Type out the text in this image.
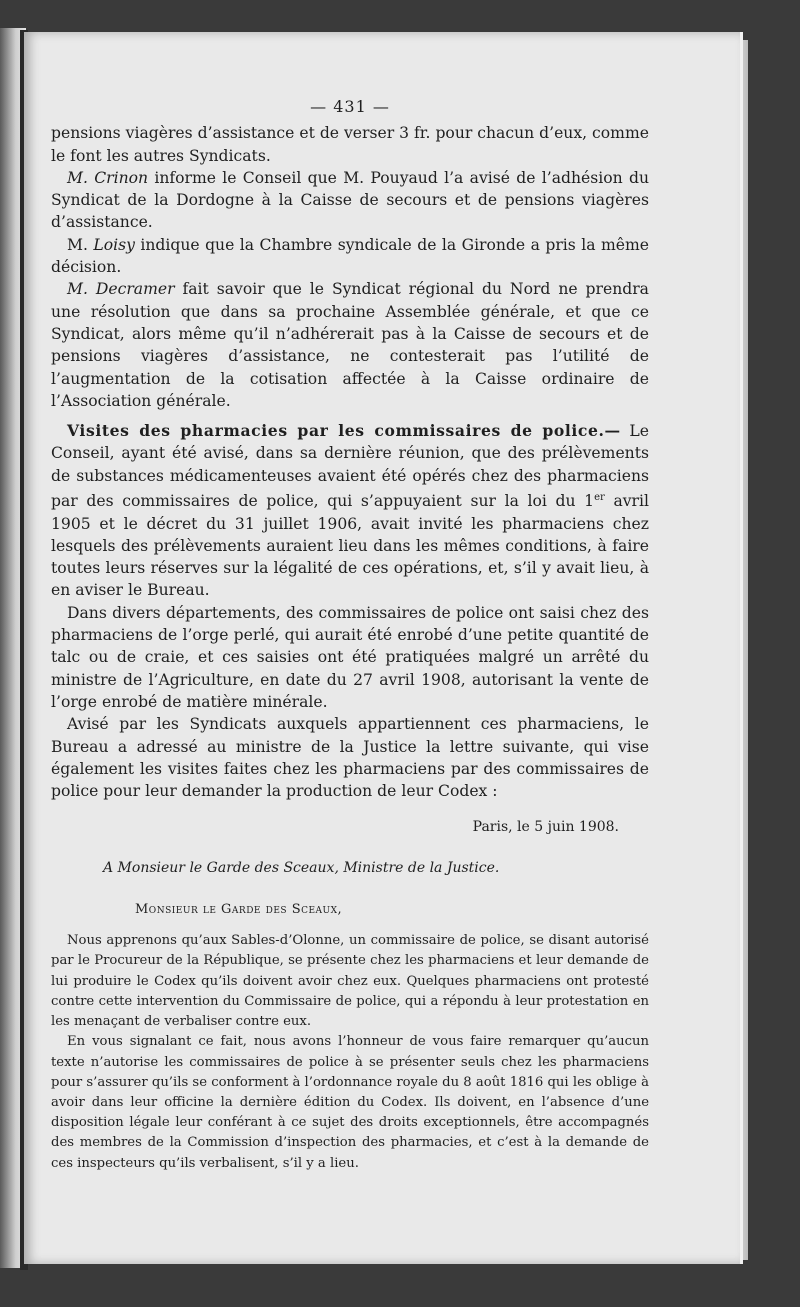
— 431 —

pensions viagères d’assistance et de verser 3 fr. pour chacun d’eux, comme le font les autres Syndicats.

M. Crinon informe le Conseil que M. Pouyaud l’a avisé de l’adhésion du Syndicat de la Dordogne à la Caisse de secours et de pensions viagères d’assistance.

M. Loisy indique que la Chambre syndicale de la Gironde a pris la même décision.

M. Decramer fait savoir que le Syndicat régional du Nord ne prendra une résolution que dans sa prochaine Assemblée générale, et que ce Syndicat, alors même qu’il n’adhérerait pas à la Caisse de secours et de pensions viagères d’assistance, ne contesterait pas l’utilité de l’augmentation de la cotisation affectée à la Caisse ordinaire de l’Association générale.

Visites des pharmacies par les commissaires de police.— Le Conseil, ayant été avisé, dans sa dernière réunion, que des prélèvements de substances médicamenteuses avaient été opérés chez des pharmaciens par des commissaires de police, qui s’appuyaient sur la loi du 1er avril 1905 et le décret du 31 juillet 1906, avait invité les pharmaciens chez lesquels des prélèvements auraient lieu dans les mêmes conditions, à faire toutes leurs réserves sur la légalité de ces opérations, et, s’il y avait lieu, à en aviser le Bureau.

Dans divers départements, des commissaires de police ont saisi chez des pharmaciens de l’orge perlé, qui aurait été enrobé d’une petite quantité de talc ou de craie, et ces saisies ont été pratiquées malgré un arrêté du ministre de l’Agriculture, en date du 27 avril 1908, autorisant la vente de l’orge enrobé de matière minérale.

Avisé par les Syndicats auxquels appartiennent ces pharmaciens, le Bureau a adressé au ministre de la Justice la lettre suivante, qui vise également les visites faites chez les pharmaciens par des commissaires de police pour leur demander la production de leur Codex :

Paris, le 5 juin 1908.
A Monsieur le Garde des Sceaux, Ministre de la Justice.
Monsieur le Garde des Sceaux,

Nous apprenons qu’aux Sables-d’Olonne, un commissaire de police, se disant autorisé par le Procureur de la République, se présente chez les pharmaciens et leur demande de lui produire le Codex qu’ils doivent avoir chez eux. Quelques pharmaciens ont protesté contre cette intervention du Commissaire de police, qui a répondu à leur protestation en les menaçant de verbaliser contre eux.

En vous signalant ce fait, nous avons l’honneur de vous faire remarquer qu’aucun texte n’autorise les commissaires de police à se présenter seuls chez les pharmaciens pour s’assurer qu’ils se conforment à l’ordonnance royale du 8 août 1816 qui les oblige à avoir dans leur officine la dernière édition du Codex. Ils doivent, en l’absence d’une disposition légale leur conférant à ce sujet des droits exceptionnels, être accompagnés des membres de la Commission d’inspection des pharmacies, et c’est à la demande de ces inspecteurs qu’ils verbalisent, s’il y a lieu.
